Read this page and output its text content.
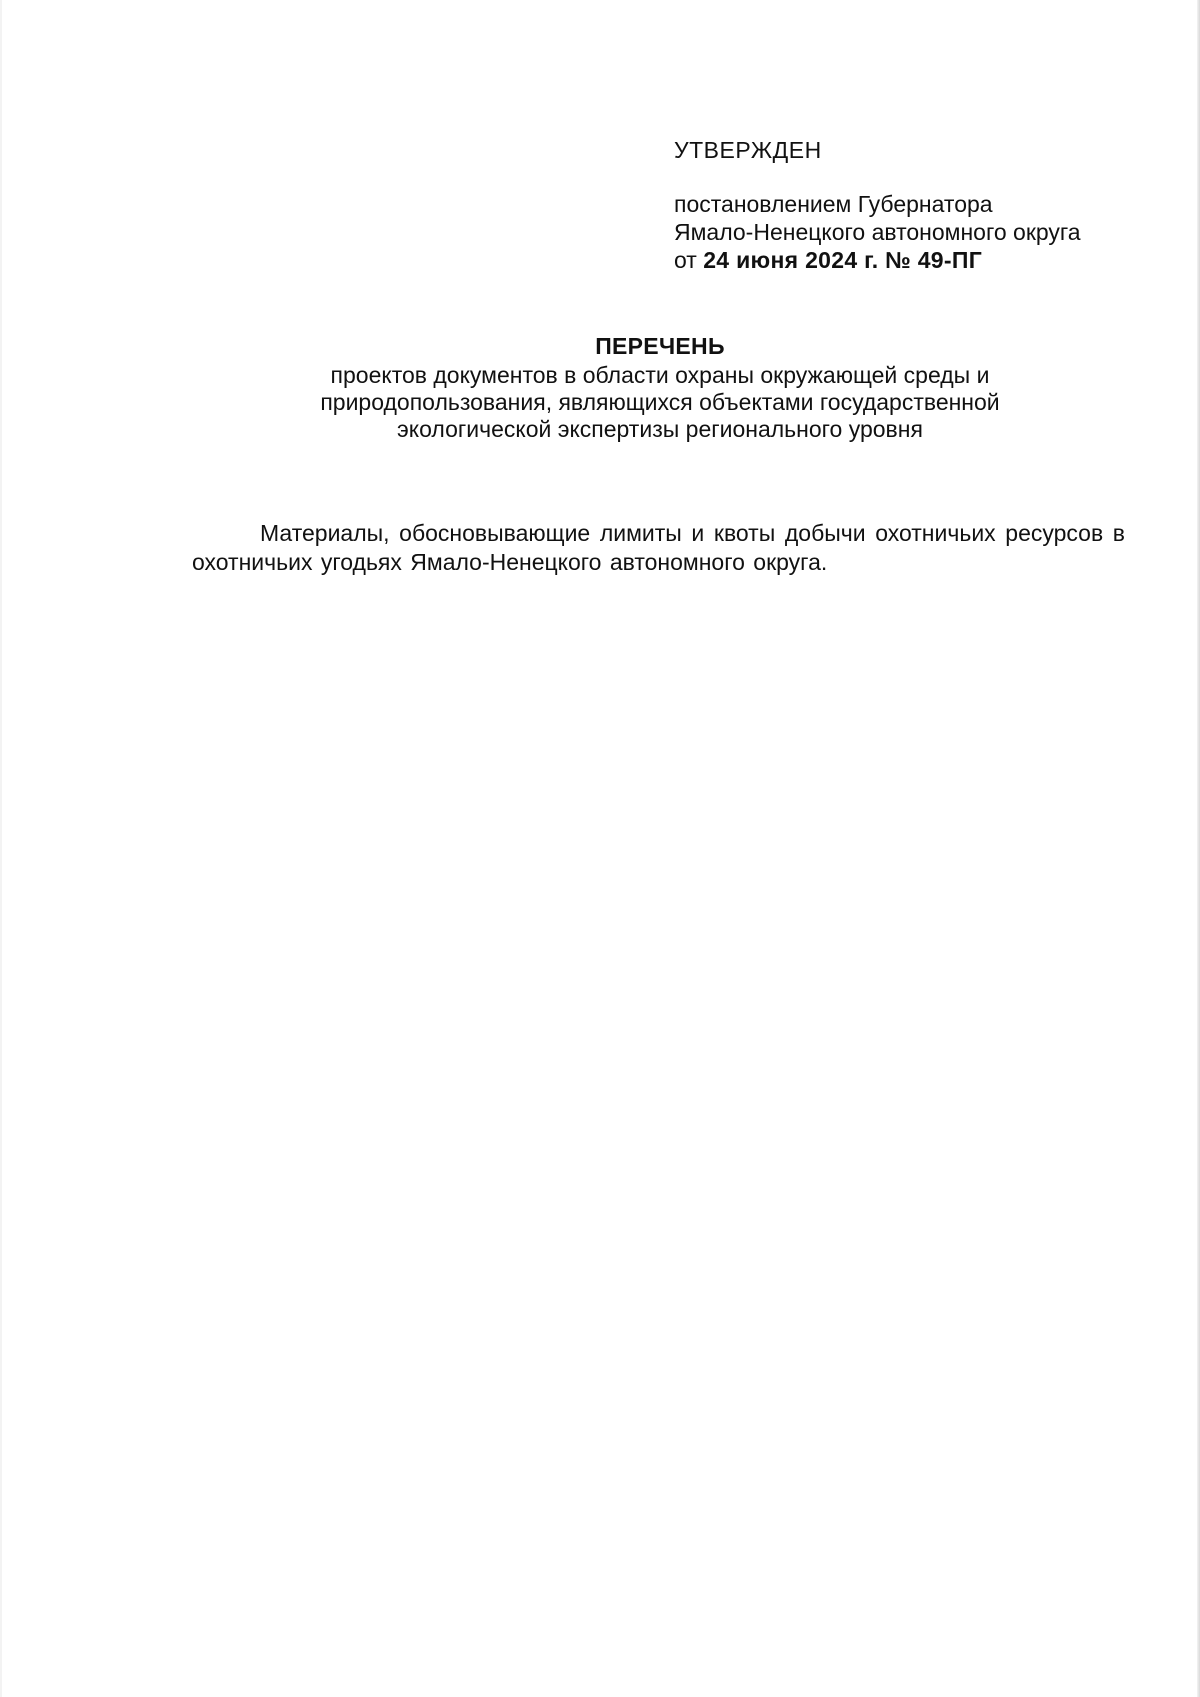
УТВЕРЖДЕН
постановлением Губернатора
Ямало-Ненецкого автономного округа
от 24 июня 2024 г. № 49-ПГ
ПЕРЕЧЕНЬ
проектов документов в области охраны окружающей среды и
природопользования, являющихся объектами государственной
экологической экспертизы регионального уровня

Материалы, обосновывающие лимиты и квоты добычи охотничьих ресурсов в охотничьих угодьях Ямало-Ненецкого автономного округа.
